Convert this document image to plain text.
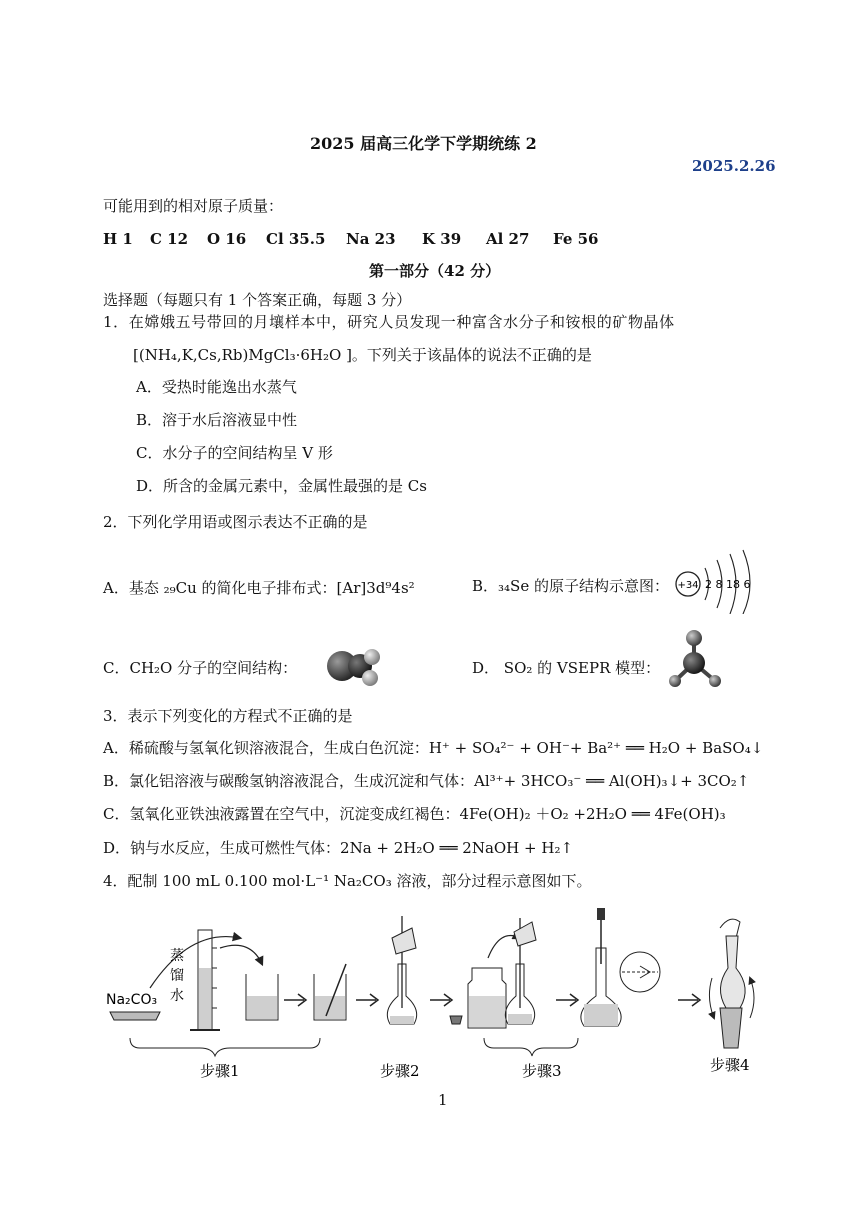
2025 届高三化学下学期统练 2
2025.2.26
可能用到的相对原子质量：
H 1 C 12 O 16 Cl 35.5 Na 23 K 39 Al 27 Fe 56
第一部分（42 分）
选择题（每题只有 1 个答案正确，每题 3 分）
1．在嫦娥五号带回的月壤样本中，研究人员发现一种富含水分子和铵根的矿物晶体
[(NH₄,K,Cs,Rb)MgCl₃·6H₂O ]。下列关于该晶体的说法不正确的是
A．受热时能逸出水蒸气
B．溶于水后溶液显中性
C．水分子的空间结构呈 V 形
D．所含的金属元素中，金属性最强的是 Cs
2．下列化学用语或图示表达不正确的是
A．基态 ₂₉Cu 的简化电子排布式：[Ar]3d⁹4s²	B．₃₄Se 的原子结构示意图： +34 2 8 18 6
C．CH₂O 分子的空间结构：	D． SO₂ 的 VSEPR 模型：
3．表示下列变化的方程式不正确的是
A．稀硫酸与氢氧化钡溶液混合，生成白色沉淀：H⁺ + SO₄²⁻ + OH⁻+ Ba²⁺ ══ H₂O + BaSO₄↓
B．氯化铝溶液与碳酸氢钠溶液混合，生成沉淀和气体：Al³⁺+ 3HCO₃⁻ ══ Al(OH)₃↓+ 3CO₂↑
C．氢氧化亚铁浊液露置在空气中，沉淀变成红褐色：4Fe(OH)₂ ＋O₂ +2H₂O ══ 4Fe(OH)₃
D．钠与水反应，生成可燃性气体：2Na + 2H₂O ══ 2NaOH + H₂↑
4．配制 100 mL 0.100 mol·L⁻¹ Na₂CO₃ 溶液，部分过程示意图如下。
Na₂CO₃
蒸
馏
水
步骤1	步骤2	步骤3	步骤4
1
